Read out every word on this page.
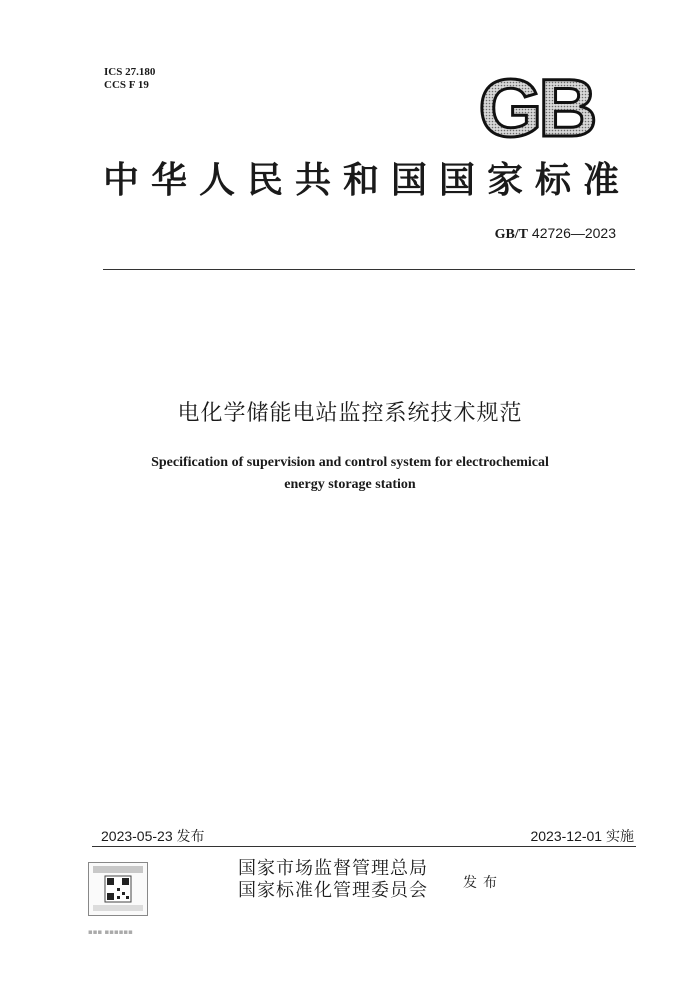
ICS 27.180
CCS F 19	GB
中华人民共和国国家标准
GB/T 42726—2023
电化学储能电站监控系统技术规范
Specification of supervision and control system for electrochemical
energy storage station
2023-05-23 发布	2023-12-01 实施
▪▪▪ ▪▪▪▪▪▪
国家市场监督管理总局
国家标准化管理委员会	发布
